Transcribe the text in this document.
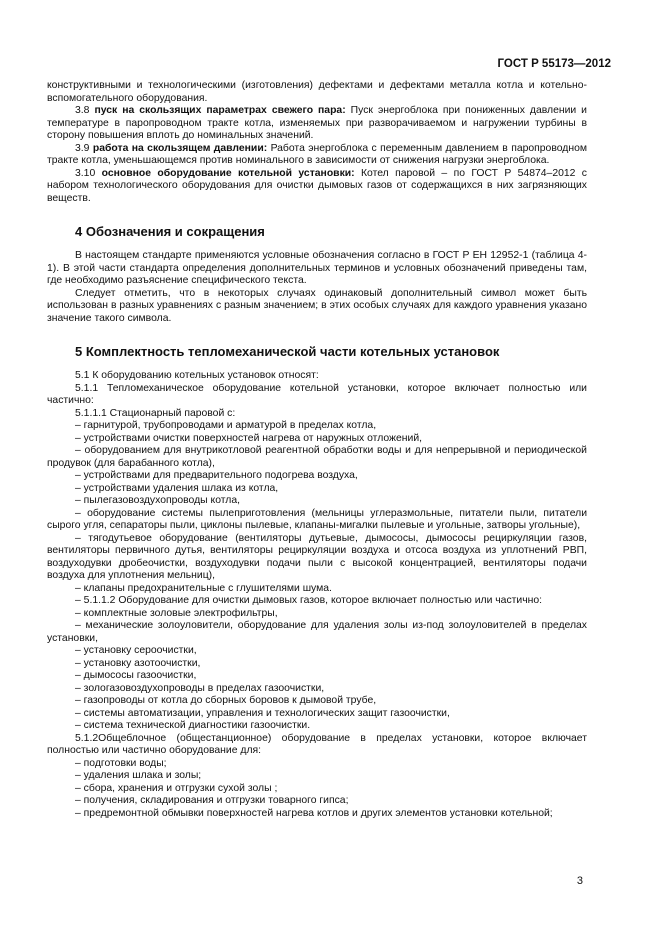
ГОСТ Р 55173—2012

конструктивными и технологическими (изготовления) дефектами и дефектами металла котла и котельно-вспомогательного оборудования.

3.8 пуск на скользящих параметрах свежего пара: Пуск энергоблока при пониженных давлении и температуре в паропроводном тракте котла, изменяемых при разворачиваемом и нагружении турбины в сторону повышения вплоть до номинальных значений.

3.9 работа на скользящем давлении: Работа энергоблока с переменным давлением в паропроводном тракте котла, уменьшающемся против номинального в зависимости от снижения нагрузки энергоблока.

3.10 основное оборудование котельной установки: Котел паровой – по ГОСТ Р 54874–2012 с набором технологического оборудования для очистки дымовых газов от содержащихся в них загрязняющих веществ.

4 Обозначения и сокращения

В настоящем стандарте применяются условные обозначения согласно в ГОСТ Р ЕН 12952-1 (таблица 4-1). В этой части стандарта определения дополнительных терминов и условных обозначений приведены там, где необходимо разъяснение специфического текста.

Следует отметить, что в некоторых случаях одинаковый дополнительный символ может быть использован в разных уравнениях с разным значением; в этих особых случаях для каждого уравнения указано значение такого символа.

5 Комплектность тепломеханической части котельных установок

5.1 К оборудованию котельных установок относят:

5.1.1 Тепломеханическое оборудование котельной установки, которое включает полностью или частично:

5.1.1.1 Стационарный паровой с:

– гарнитурой, трубопроводами и арматурой в пределах котла,

– устройствами очистки поверхностей нагрева от наружных отложений,

– оборудованием для внутрикотловой реагентной обработки воды и для непрерывной и периодической продувок (для барабанного котла),

– устройствами для предварительного подогрева воздуха,

– устройствами удаления шлака из котла,

– пылегазовоздухопроводы котла,

– оборудование системы пылеприготовления (мельницы углеразмольные, питатели пыли, питатели сырого угля, сепараторы пыли, циклоны пылевые, клапаны-мигалки пылевые и угольные, затворы угольные),

– тягодутьевое оборудование (вентиляторы дутьевые, дымососы, дымососы рециркуляции газов, вентиляторы первичного дутья, вентиляторы рециркуляции воздуха и отсоса воздуха из уплотнений РВП, воздуходувки дробеочистки, воздуходувки подачи пыли с высокой концентрацией, вентиляторы подачи воздуха для уплотнения мельниц),

– клапаны предохранительные с глушителями шума.

– 5.1.1.2 Оборудование для очистки дымовых газов, которое включает полностью или частично:

– комплектные золовые электрофильтры,

– механические золоуловители, оборудование для удаления золы из-под золоуловителей в пределах установки,

– установку сероочистки,

– установку азотоочистки,

– дымососы газоочистки,

– зологазовоздухопроводы в пределах газоочистки,

– газопроводы от котла до сборных боровов к дымовой трубе,

– системы автоматизации, управления и технологических защит газоочистки,

– система технической диагностики газоочистки.

5.1.2Общеблочное (общестанционное) оборудование в пределах установки, которое включает полностью или частично оборудование для:

– подготовки воды;

– удаления шлака и золы;

– сбора, хранения и отгрузки сухой золы ;

– получения, складирования и отгрузки товарного гипса;

– предремонтной обмывки поверхностей нагрева котлов и других элементов установки котельной;

3
